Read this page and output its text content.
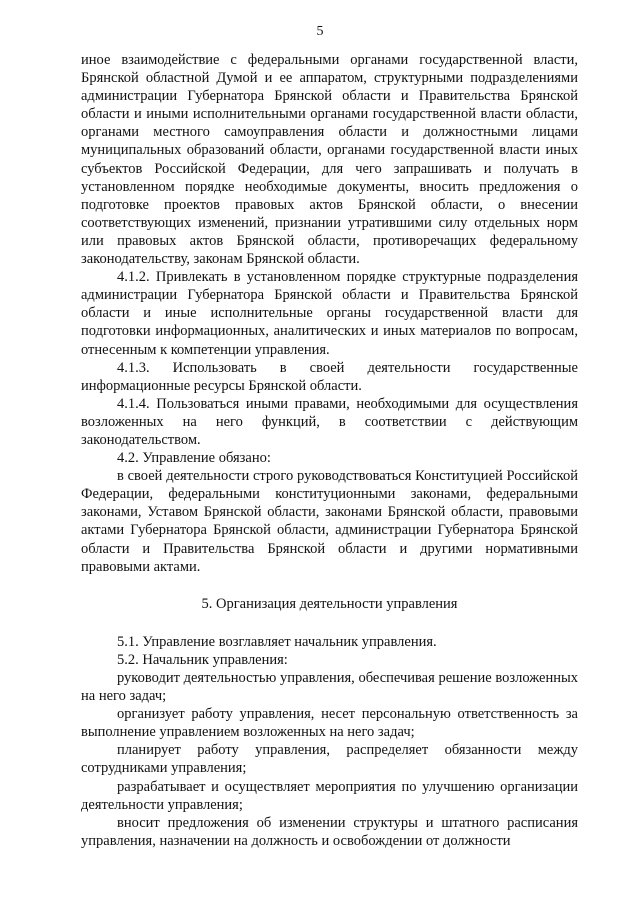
5

иное взаимодействие с федеральными органами государственной власти, Брянской областной Думой и ее аппаратом, структурными подразделениями администрации Губернатора Брянской области и Правительства Брянской области и иными исполнительными органами государственной власти области, органами местного самоуправления области и должностными лицами муниципальных образований области, органами государственной власти иных субъектов Российской Федерации, для чего запрашивать и получать в установленном порядке необходимые документы, вносить предложения о подготовке проектов правовых актов Брянской области, о внесении соответствующих изменений, признании утратившими силу отдельных норм или правовых актов Брянской области, противоречащих федеральному законодательству, законам Брянской области.

4.1.2. Привлекать в установленном порядке структурные подразделения администрации Губернатора Брянской области и Правительства Брянской области и иные исполнительные органы государственной власти для подготовки информационных, аналитических и иных материалов по вопросам, отнесенным к компетенции управления.

4.1.3. Использовать в своей деятельности государственные информационные ресурсы Брянской области.

4.1.4. Пользоваться иными правами, необходимыми для осуществления возложенных на него функций, в соответствии с действующим законодательством.

4.2. Управление обязано:

в своей деятельности строго руководствоваться Конституцией Российской Федерации, федеральными конституционными законами, федеральными законами, Уставом Брянской области, законами Брянской области, правовыми актами Губернатора Брянской области, администрации Губернатора Брянской области и Правительства Брянской области и другими нормативными правовыми актами.

5. Организация деятельности управления

5.1. Управление возглавляет начальник управления.

5.2. Начальник управления:

руководит деятельностью управления, обеспечивая решение возложенных на него задач;

организует работу управления, несет персональную ответственность за выполнение управлением возложенных на него задач;

планирует работу управления, распределяет обязанности между сотрудниками управления;

разрабатывает и осуществляет мероприятия по улучшению организации деятельности управления;

вносит предложения об изменении структуры и штатного расписания управления, назначении на должность и освобождении от должности
